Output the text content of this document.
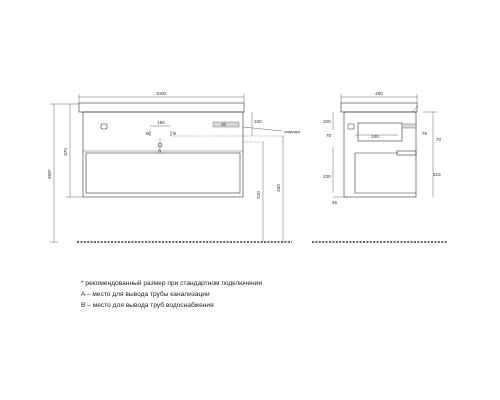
1000
600*
370
450
420
100
20
подводка
150
B	B
A
460
100
340
70
230
45
75
70
215
* рекомендованный размер при стандартном подключении
A – место для вывода трубы канализации
B – место для вывода труб водоснабжения
